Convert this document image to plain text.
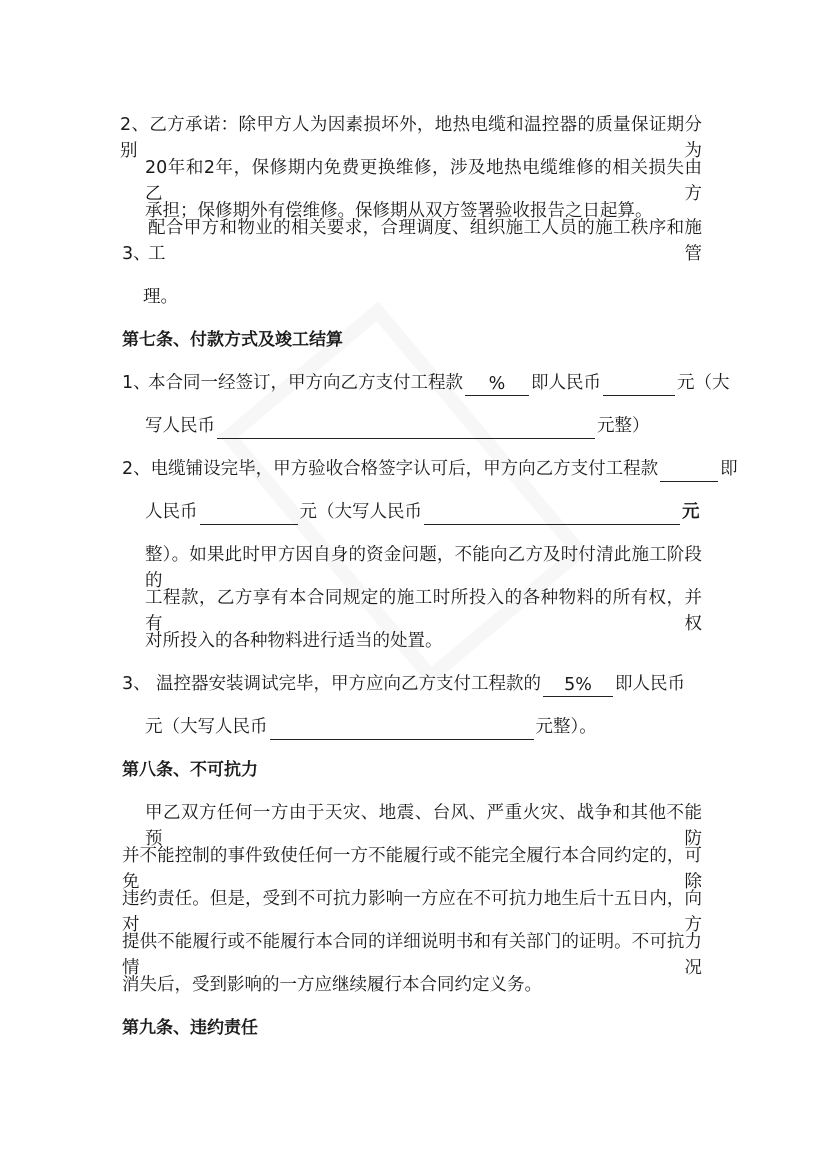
2、乙方承诺：除甲方人为因素损坏外，地热电缆和温控器的质量保证期分别为
20年和2年，保修期内免费更换维修，涉及地热电缆维修的相关损失由乙方
承担；保修期外有偿维修。保修期从双方签署验收报告之日起算。
3、
配合甲方和物业的相关要求，合理调度、组织施工人员的施工秩序和施工管
理。
第七条、付款方式及竣工结算
1、
本合同一经签订，甲方向乙方支付工程款	%	即人民币	元（大
写人民币	元整）
2、电缆铺设完毕，甲方验收合格签字认可后，甲方向乙方支付工程款	即
人民币	元（大写人民币	元
整）。如果此时甲方因自身的资金问题，不能向乙方及时付清此施工阶段的
工程款，乙方享有本合同规定的施工时所投入的各种物料的所有权，并有权
对所投入的各种物料进行适当的处置。
3、 温控器安装调试完毕，甲方应向乙方支付工程款的	5%	即人民币
元（大写人民币	元整）。
第八条、不可抗力
甲乙双方任何一方由于天灾、地震、台风、严重火灾、战争和其他不能预防
并不能控制的事件致使任何一方不能履行或不能完全履行本合同约定的，可免除
违约责任。但是，受到不可抗力影响一方应在不可抗力地生后十五日内，向对方
提供不能履行或不能履行本合同的详细说明书和有关部门的证明。不可抗力情况
消失后，受到影响的一方应继续履行本合同约定义务。
第九条、违约责任
